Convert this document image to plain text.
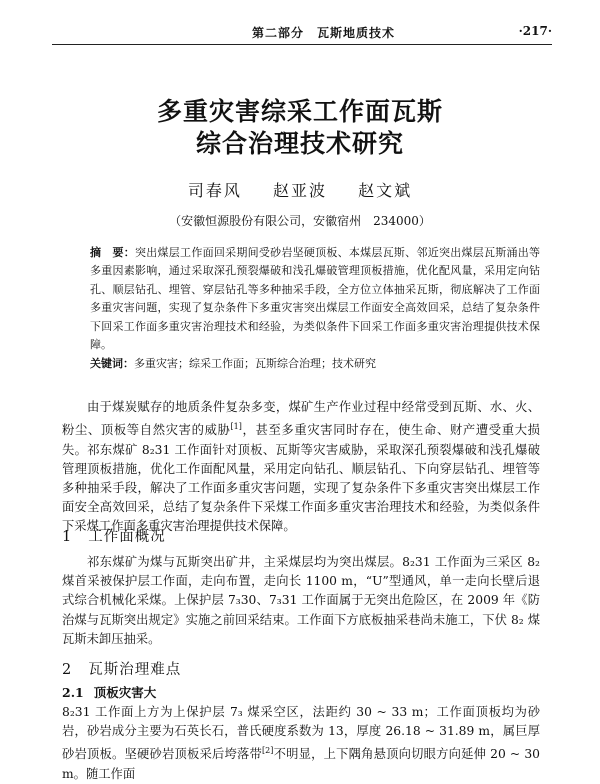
第二部分　瓦斯地质技术	·217·
多重灾害综采工作面瓦斯
综合治理技术研究
司春风 赵亚波 赵文斌
（安徽恒源股份有限公司，安徽宿州　234000）
摘　要：突出煤层工作面回采期间受砂岩坚硬顶板、本煤层瓦斯、邻近突出煤层瓦斯涌出等多重因素影响，通过采取深孔预裂爆破和浅孔爆破管理顶板措施，优化配风量，采用定向钻孔、顺层钻孔、埋管、穿层钻孔等多种抽采手段，全方位立体抽采瓦斯，彻底解决了工作面多重灾害问题，实现了复杂条件下多重灾害突出煤层工作面安全高效回采，总结了复杂条件下回采工作面多重灾害治理技术和经验，为类似条件下回采工作面多重灾害治理提供技术保障。
关键词：多重灾害；综采工作面；瓦斯综合治理；技术研究

由于煤炭赋存的地质条件复杂多变，煤矿生产作业过程中经常受到瓦斯、水、火、粉尘、顶板等自然灾害的威胁[1]，甚至多重灾害同时存在，使生命、财产遭受重大损失。祁东煤矿 8₂31 工作面针对顶板、瓦斯等灾害威胁，采取深孔预裂爆破和浅孔爆破管理顶板措施，优化工作面配风量，采用定向钻孔、顺层钻孔、下向穿层钻孔、埋管等多种抽采手段，解决了工作面多重灾害问题，实现了复杂条件下多重灾害突出煤层工作面安全高效回采，总结了复杂条件下采煤工作面多重灾害治理技术和经验，为类似条件下采煤工作面多重灾害治理提供技术保障。

1 工作面概况

祁东煤矿为煤与瓦斯突出矿井，主采煤层均为突出煤层。8₂31 工作面为三采区 8₂ 煤首采被保护层工作面，走向布置，走向长 1100 m，“U”型通风，单一走向长壁后退式综合机械化采煤。上保护层 7₃30、7₃31 工作面属于无突出危险区，在 2009 年《防治煤与瓦斯突出规定》实施之前回采结束。工作面下方底板抽采巷尚未施工，下伏 8₂ 煤瓦斯未卸压抽采。

2 瓦斯治理难点
2.1 顶板灾害大

8₂31 工作面上方为上保护层 7₃ 煤采空区，法距约 30 ~ 33 m；工作面顶板均为砂岩，砂岩成分主要为石英长石，普氏硬度系数为 13，厚度 26.18 ~ 31.89 m，属巨厚砂岩顶板。坚硬砂岩顶板采后垮落带[2]不明显，上下隅角悬顶向切眼方向延伸 20 ~ 30 m。随工作面
